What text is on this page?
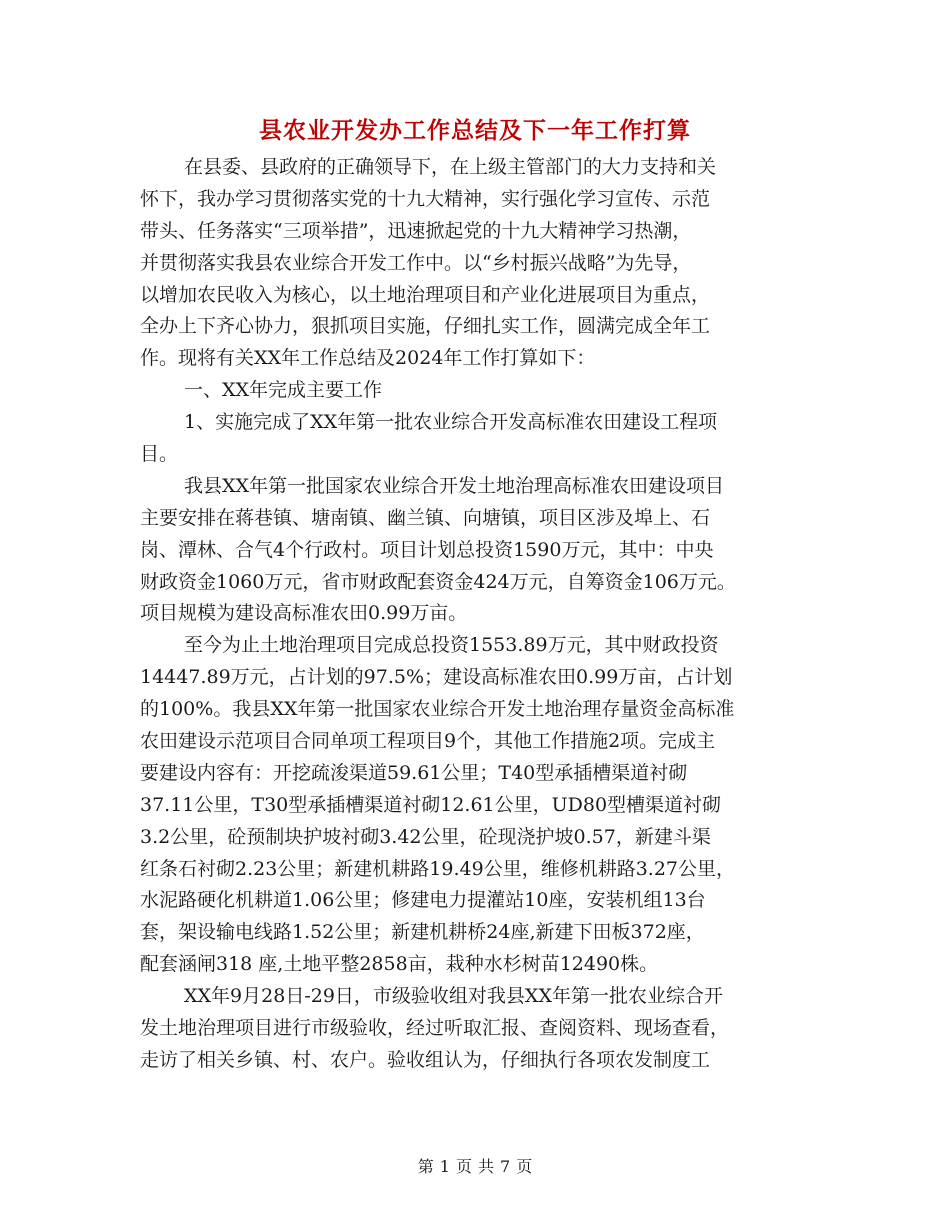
县农业开发办工作总结及下一年工作打算
在县委、县政府的正确领导下，在上级主管部门的大力支持和关
怀下，我办学习贯彻落实党的十九大精神，实行强化学习宣传、示范
带头、任务落实“三项举措”，迅速掀起党的十九大精神学习热潮，
并贯彻落实我县农业综合开发工作中。以“乡村振兴战略”为先导，
以增加农民收入为核心，以土地治理项目和产业化进展项目为重点，
全办上下齐心协力，狠抓项目实施，仔细扎实工作，圆满完成全年工
作。现将有关XX年工作总结及2024年工作打算如下：
一、XX年完成主要工作
1、实施完成了XX年第一批农业综合开发高标准农田建设工程项
目。
我县XX年第一批国家农业综合开发土地治理高标准农田建设项目
主要安排在蒋巷镇、塘南镇、幽兰镇、向塘镇，项目区涉及埠上、石
岗、潭林、合气4个行政村。项目计划总投资1590万元，其中：中央
财政资金1060万元，省市财政配套资金424万元，自筹资金106万元。
项目规模为建设高标准农田0.99万亩。
至今为止土地治理项目完成总投资1553.89万元，其中财政投资
14447.89万元，占计划的97.5%；建设高标准农田0.99万亩，占计划
的100%。我县XX年第一批国家农业综合开发土地治理存量资金高标准
农田建设示范项目合同单项工程项目9个，其他工作措施2项。完成主
要建设内容有：开挖疏浚渠道59.61公里；T40型承插槽渠道衬砌
37.11公里，T30型承插槽渠道衬砌12.61公里，UD80型槽渠道衬砌
3.2公里，砼预制块护坡衬砌3.42公里，砼现浇护坡0.57，新建斗渠
红条石衬砌2.23公里；新建机耕路19.49公里，维修机耕路3.27公里，
水泥路硬化机耕道1.06公里；修建电力提灌站10座，安装机组13台
套，架设输电线路1.52公里；新建机耕桥24座,新建下田板372座，
配套涵闸318 座,土地平整2858亩，栽种水杉树苗12490株。
XX年9月28日-29日，市级验收组对我县XX年第一批农业综合开
发土地治理项目进行市级验收，经过听取汇报、查阅资料、现场查看，
走访了相关乡镇、村、农户。验收组认为，仔细执行各项农发制度工
第 1 页 共 7 页
